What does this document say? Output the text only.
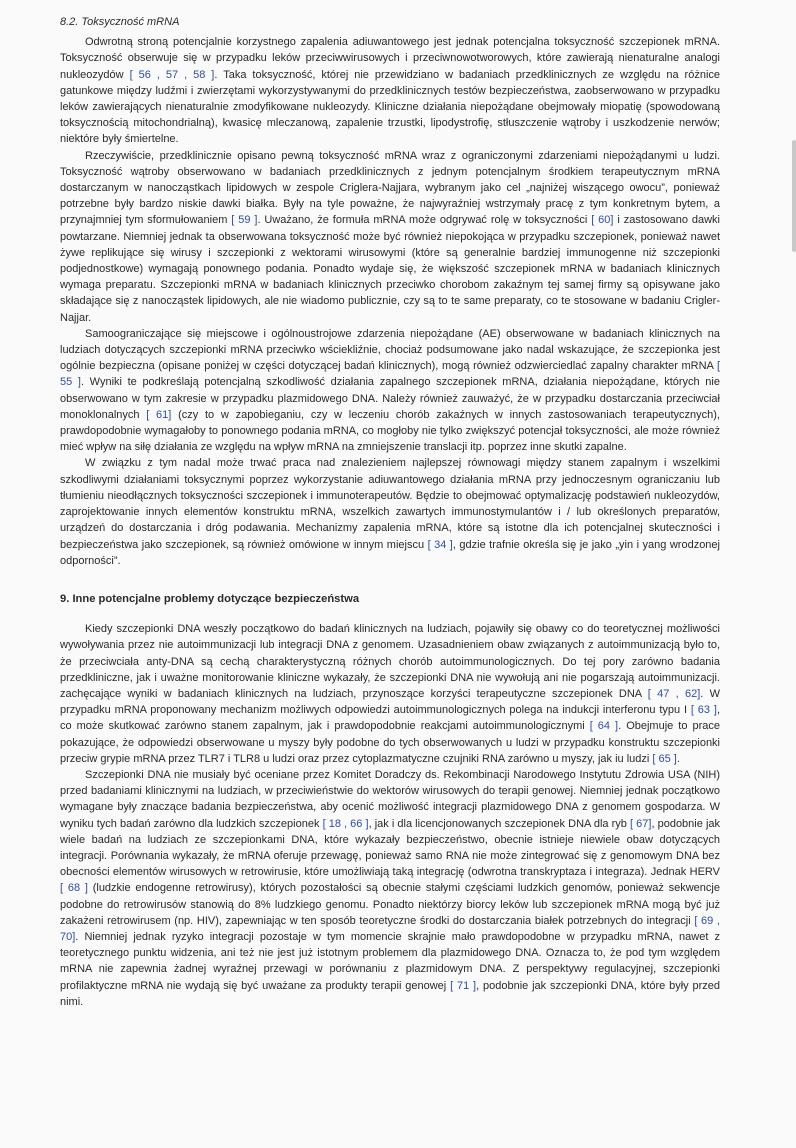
8.2. Toksyczność mRNA

Odwrotną stroną potencjalnie korzystnego zapalenia adiuwantowego jest jednak potencjalna toksyczność szczepionek mRNA. Toksyczność obserwuje się w przypadku leków przeciwwirusowych i przeciwnowotworowych, które zawierają nienaturalne analogi nukleozydów [ 56 , 57 , 58 ]. Taka toksyczność, której nie przewidziano w badaniach przedklinicznych ze względu na różnice gatunkowe między ludźmi i zwierzętami wykorzystywanymi do przedklinicznych testów bezpieczeństwa, zaobserwowano w przypadku leków zawierających nienaturalnie zmodyfikowane nukleozydy. Kliniczne działania niepożądane obejmowały miopatię (spowodowaną toksycznością mitochondrialną), kwasicę mleczanową, zapalenie trzustki, lipodystrofię, stłuszczenie wątroby i uszkodzenie nerwów; niektóre były śmiertelne.

Rzeczywiście, przedklinicznie opisano pewną toksyczność mRNA wraz z ograniczonymi zdarzeniami niepożądanymi u ludzi. Toksyczność wątroby obserwowano w badaniach przedklinicznych z jednym potencjalnym środkiem terapeutycznym mRNA dostarczanym w nanocząstkach lipidowych w zespole Criglera-Najjara, wybranym jako cel „najniżej wiszącego owocu”, ponieważ potrzebne były bardzo niskie dawki białka. Były na tyle poważne, że najwyraźniej wstrzymały pracę z tym konkretnym bytem, a przynajmniej tym sformułowaniem [ 59 ]. Uważano, że formuła mRNA może odgrywać rolę w toksyczności [ 60] i zastosowano dawki powtarzane. Niemniej jednak ta obserwowana toksyczność może być również niepokojąca w przypadku szczepionek, ponieważ nawet żywe replikujące się wirusy i szczepionki z wektorami wirusowymi (które są generalnie bardziej immunogenne niż szczepionki podjednostkowe) wymagają ponownego podania. Ponadto wydaje się, że większość szczepionek mRNA w badaniach klinicznych wymaga preparatu. Szczepionki mRNA w badaniach klinicznych przeciwko chorobom zakaźnym tej samej firmy są opisywane jako składające się z nanocząstek lipidowych, ale nie wiadomo publicznie, czy są to te same preparaty, co te stosowane w badaniu Crigler-Najjar.

Samoograniczające się miejscowe i ogólnoustrojowe zdarzenia niepożądane (AE) obserwowane w badaniach klinicznych na ludziach dotyczących szczepionki mRNA przeciwko wściekliźnie, chociaż podsumowane jako nadal wskazujące, że szczepionka jest ogólnie bezpieczna (opisane poniżej w części dotyczącej badań klinicznych), mogą również odzwierciedlać zapalny charakter mRNA [ 55 ]. Wyniki te podkreślają potencjalną szkodliwość działania zapalnego szczepionek mRNA, działania niepożądane, których nie obserwowano w tym zakresie w przypadku plazmidowego DNA. Należy również zauważyć, że w przypadku dostarczania przeciwciał monoklonalnych [ 61] (czy to w zapobieganiu, czy w leczeniu chorób zakaźnych w innych zastosowaniach terapeutycznych), prawdopodobnie wymagałoby to ponownego podania mRNA, co mogłoby nie tylko zwiększyć potencjał toksyczności, ale może również mieć wpływ na siłę działania ze względu na wpływ mRNA na zmniejszenie translacji itp. poprzez inne skutki zapalne.

W związku z tym nadal może trwać praca nad znalezieniem najlepszej równowagi między stanem zapalnym i wszelkimi szkodliwymi działaniami toksycznymi poprzez wykorzystanie adiuwantowego działania mRNA przy jednoczesnym ograniczaniu lub tłumieniu nieodłącznych toksyczności szczepionek i immunoterapeutów. Będzie to obejmować optymalizację podstawień nukleozydów, zaprojektowanie innych elementów konstruktu mRNA, wszelkich zawartych immunostymulantów i / lub określonych preparatów, urządzeń do dostarczania i dróg podawania. Mechanizmy zapalenia mRNA, które są istotne dla ich potencjalnej skuteczności i bezpieczeństwa jako szczepionek, są również omówione w innym miejscu [ 34 ], gdzie trafnie określa się je jako „yin i yang wrodzonej odporności”.

9. Inne potencjalne problemy dotyczące bezpieczeństwa

Kiedy szczepionki DNA weszły początkowo do badań klinicznych na ludziach, pojawiły się obawy co do teoretycznej możliwości wywoływania przez nie autoimmunizacji lub integracji DNA z genomem. Uzasadnieniem obaw związanych z autoimmunizacją było to, że przeciwciała anty-DNA są cechą charakterystyczną różnych chorób autoimmunologicznych. Do tej pory zarówno badania przedkliniczne, jak i uważne monitorowanie kliniczne wykazały, że szczepionki DNA nie wywołują ani nie pogarszają autoimmunizacji. zachęcające wyniki w badaniach klinicznych na ludziach, przynoszące korzyści terapeutyczne szczepionek DNA [ 47 , 62]. W przypadku mRNA proponowany mechanizm możliwych odpowiedzi autoimmunologicznych polega na indukcji interferonu typu I [ 63 ], co może skutkować zarówno stanem zapalnym, jak i prawdopodobnie reakcjami autoimmunologicznymi [ 64 ]. Obejmuje to prace pokazujące, że odpowiedzi obserwowane u myszy były podobne do tych obserwowanych u ludzi w przypadku konstruktu szczepionki przeciw grypie mRNA przez TLR7 i TLR8 u ludzi oraz przez cytoplazmatyczne czujniki RNA zarówno u myszy, jak iu ludzi [ 65 ].

Szczepionki DNA nie musiały być oceniane przez Komitet Doradczy ds. Rekombinacji Narodowego Instytutu Zdrowia USA (NIH) przed badaniami klinicznymi na ludziach, w przeciwieństwie do wektorów wirusowych do terapii genowej. Niemniej jednak początkowo wymagane były znaczące badania bezpieczeństwa, aby ocenić możliwość integracji plazmidowego DNA z genomem gospodarza. W wyniku tych badań zarówno dla ludzkich szczepionek [ 18 , 66 ], jak i dla licencjonowanych szczepionek DNA dla ryb [ 67], podobnie jak wiele badań na ludziach ze szczepionkami DNA, które wykazały bezpieczeństwo, obecnie istnieje niewiele obaw dotyczących integracji. Porównania wykazały, że mRNA oferuje przewagę, ponieważ samo RNA nie może zintegrować się z genomowym DNA bez obecności elementów wirusowych w retrowirusie, które umożliwiają taką integrację (odwrotna transkryptaza i integraza). Jednak HERV [ 68 ] (ludzkie endogenne retrowirusy), których pozostałości są obecnie stałymi częściami ludzkich genomów, ponieważ sekwencje podobne do retrowirusów stanowią do 8% ludzkiego genomu. Ponadto niektórzy biorcy leków lub szczepionek mRNA mogą być już zakażeni retrowirusem (np. HIV), zapewniając w ten sposób teoretyczne środki do dostarczania białek potrzebnych do integracji [ 69 , 70]. Niemniej jednak ryzyko integracji pozostaje w tym momencie skrajnie mało prawdopodobne w przypadku mRNA, nawet z teoretycznego punktu widzenia, ani też nie jest już istotnym problemem dla plazmidowego DNA. Oznacza to, że pod tym względem mRNA nie zapewnia żadnej wyraźnej przewagi w porównaniu z plazmidowym DNA. Z perspektywy regulacyjnej, szczepionki profilaktyczne mRNA nie wydają się być uważane za produkty terapii genowej [ 71 ], podobnie jak szczepionki DNA, które były przed nimi.
